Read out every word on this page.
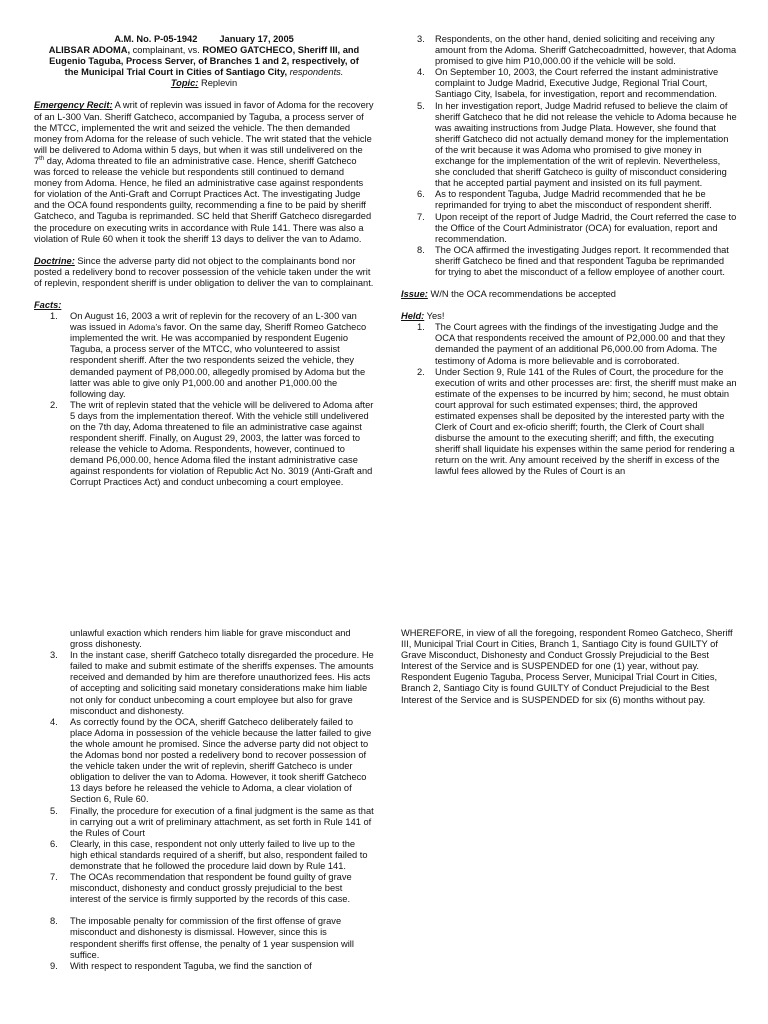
A.M. No. P-05-1942 January 17, 2005
ALIBSAR ADOMA, complainant, vs. ROMEO GATCHECO, Sheriff III, and
Eugenio Taguba, Process Server, of Branches 1 and 2, respectively, of
the Municipal Trial Court in Cities of Santiago City, respondents.
Topic: Replevin

Emergency Recit: A writ of replevin was issued in favor of Adoma for the recovery of an L-300 Van. Sheriff Gatcheco, accompanied by Taguba, a process server of the MTCC, implemented the writ and seized the vehicle. The then demanded money from Adoma for the release of such vehicle. The writ stated that the vehicle will be delivered to Adoma within 5 days, but when it was still undelivered on the 7th day, Adoma threated to file an administrative case. Hence, sheriff Gatcheco was forced to release the vehicle but respondents still continued to demand money from Adoma. Hence, he filed an administrative case against respondents for violation of the Anti-Graft and Corrupt Practices Act. The investigating Judge and the OCA found respondents guilty, recommending a fine to be paid by sheriff Gatcheco, and Taguba is reprimanded. SC held that Sheriff Gatcheco disregarded the procedure on executing writs in accordance with Rule 141. There was also a violation of Rule 60 when it took the sheriff 13 days to deliver the van to Adamo.

Doctrine: Since the adverse party did not object to the complainants bond nor posted a redelivery bond to recover possession of the vehicle taken under the writ of replevin, respondent sheriff is under obligation to deliver the van to complainant.

Facts:

1. On August 16, 2003 a writ of replevin for the recovery of an L-300 van was issued in Adoma’s favor. On the same day, Sheriff Romeo Gatcheco implemented the writ. He was accompanied by respondent Eugenio Taguba, a process server of the MTCC, who volunteered to assist respondent sheriff. After the two respondents seized the vehicle, they demanded payment of P8,000.00, allegedly promised by Adoma but the latter was able to give only P1,000.00 and another P1,000.00 the following day.
2. The writ of replevin stated that the vehicle will be delivered to Adoma after 5 days from the implementation thereof. With the vehicle still undelivered on the 7th day, Adoma threatened to file an administrative case against respondent sheriff. Finally, on August 29, 2003, the latter was forced to release the vehicle to Adoma. Respondents, however, continued to demand P6,000.00, hence Adoma filed the instant administrative case against respondents for violation of Republic Act No. 3019 (Anti-Graft and Corrupt Practices Act) and conduct unbecoming a court employee.
3. Respondents, on the other hand, denied soliciting and receiving any amount from the Adoma. Sheriff Gatchecoadmitted, however, that Adoma promised to give him P10,000.00 if the vehicle will be sold.
4. On September 10, 2003, the Court referred the instant administrative complaint to Judge Madrid, Executive Judge, Regional Trial Court, Santiago City, Isabela, for investigation, report and recommendation.
5. In her investigation report, Judge Madrid refused to believe the claim of sheriff Gatcheco that he did not release the vehicle to Adoma because he was awaiting instructions from Judge Plata. However, she found that sheriff Gatcheco did not actually demand money for the implementation of the writ because it was Adoma who promised to give money in exchange for the implementation of the writ of replevin. Nevertheless, she concluded that sheriff Gatcheco is guilty of misconduct considering that he accepted partial payment and insisted on its full payment.
6. As to respondent Taguba, Judge Madrid recommended that he be reprimanded for trying to abet the misconduct of respondent sheriff.
7. Upon receipt of the report of Judge Madrid, the Court referred the case to the Office of the Court Administrator (OCA) for evaluation, report and recommendation.
8. The OCA affirmed the investigating Judges report. It recommended that sheriff Gatcheco be fined and that respondent Taguba be reprimanded for trying to abet the misconduct of a fellow employee of another court.

Issue: W/N the OCA recommendations be accepted

Held: Yes!

1. The Court agrees with the findings of the investigating Judge and the OCA that respondents received the amount of P2,000.00 and that they demanded the payment of an additional P6,000.00 from Adoma. The testimony of Adoma is more believable and is corroborated.
2. Under Section 9, Rule 141 of the Rules of Court, the procedure for the execution of writs and other processes are: first, the sheriff must make an estimate of the expenses to be incurred by him; second, he must obtain court approval for such estimated expenses; third, the approved estimated expenses shall be deposited by the interested party with the Clerk of Court and ex-oficio sheriff; fourth, the Clerk of Court shall disburse the amount to the executing sheriff; and fifth, the executing sheriff shall liquidate his expenses within the same period for rendering a return on the writ. Any amount received by the sheriff in excess of the lawful fees allowed by the Rules of Court is an
unlawful exaction which renders him liable for grave misconduct and gross dishonesty.
3. In the instant case, sheriff Gatcheco totally disregarded the procedure. He failed to make and submit estimate of the sheriffs expenses. The amounts received and demanded by him are therefore unauthorized fees. His acts of accepting and soliciting said monetary considerations make him liable not only for conduct unbecoming a court employee but also for grave misconduct and dishonesty.
4. As correctly found by the OCA, sheriff Gatcheco deliberately failed to place Adoma in possession of the vehicle because the latter failed to give the whole amount he promised. Since the adverse party did not object to the Adomas bond nor posted a redelivery bond to recover possession of the vehicle taken under the writ of replevin, sheriff Gatcheco is under obligation to deliver the van to Adoma. However, it took sheriff Gatcheco 13 days before he released the vehicle to Adoma, a clear violation of Section 6, Rule 60.
5. Finally, the procedure for execution of a final judgment is the same as that in carrying out a writ of preliminary attachment, as set forth in Rule 141 of the Rules of Court
6. Clearly, in this case, respondent not only utterly failed to live up to the high ethical standards required of a sheriff, but also, respondent failed to demonstrate that he followed the procedure laid down by Rule 141.
7. The OCAs recommendation that respondent be found guilty of grave misconduct, dishonesty and conduct grossly prejudicial to the best interest of the service is firmly supported by the records of this case.
8. The imposable penalty for commission of the first offense of grave misconduct and dishonesty is dismissal. However, since this is respondent sheriffs first offense, the penalty of 1 year suspension will suffice.
9. With respect to respondent Taguba, we find the sanction of

WHEREFORE, in view of all the foregoing, respondent Romeo Gatcheco, Sheriff III, Municipal Trial Court in Cities, Branch 1, Santiago City is found GUILTY of Grave Misconduct, Dishonesty and Conduct Grossly Prejudicial to the Best Interest of the Service and is SUSPENDED for one (1) year, without pay. Respondent Eugenio Taguba, Process Server, Municipal Trial Court in Cities, Branch 2, Santiago City is found GUILTY of Conduct Prejudicial to the Best Interest of the Service and is SUSPENDED for six (6) months without pay.
